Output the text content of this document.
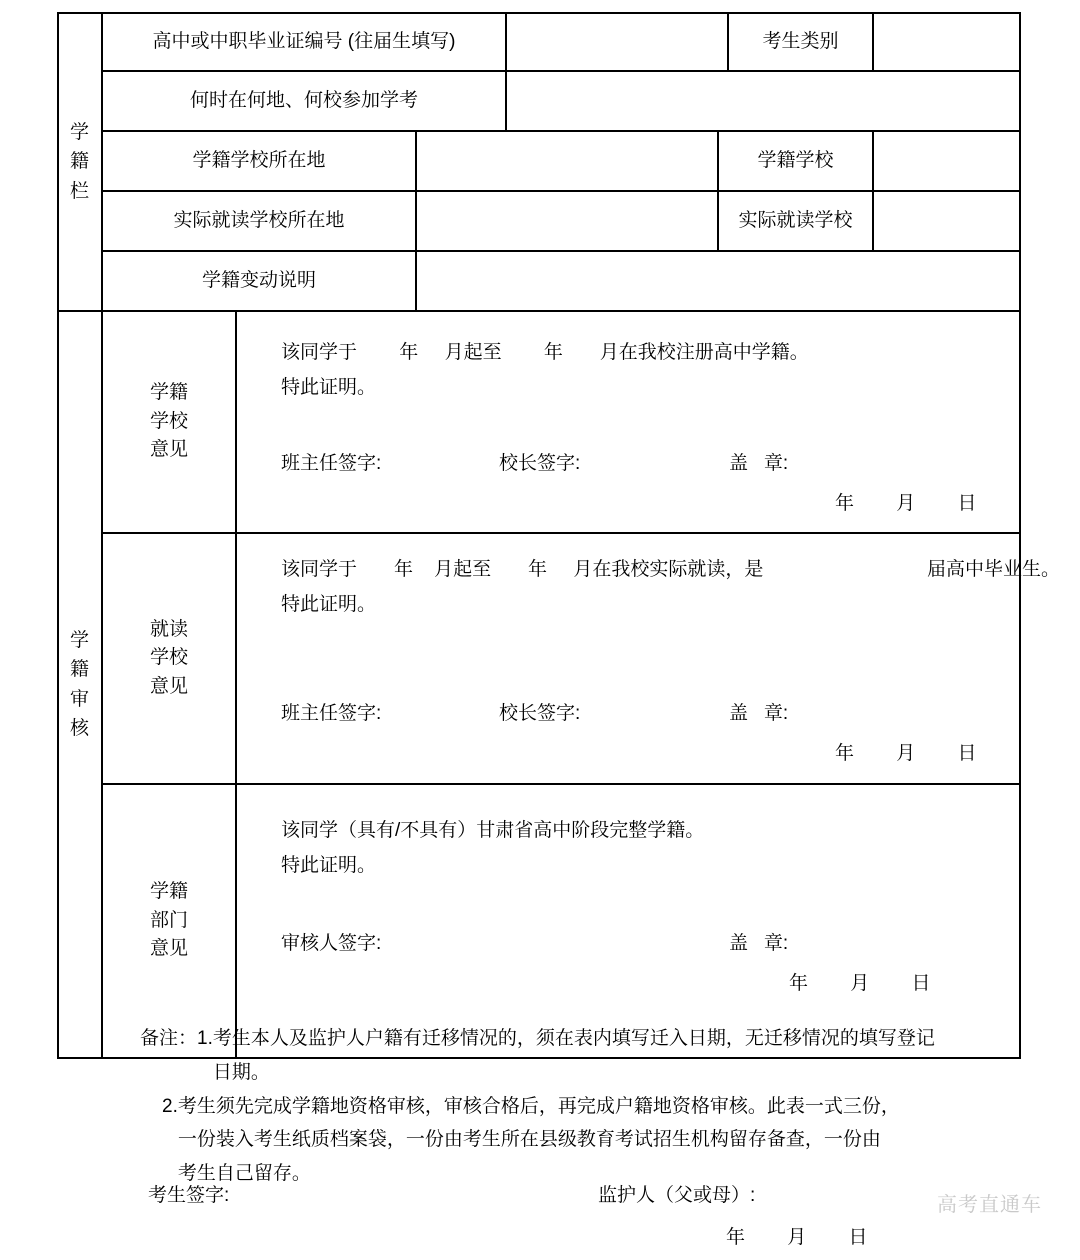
学
籍
栏	高中或中职毕业证编号 (往届生填写)					考生类别	
	何时在何地、何校参加学考						
	学籍学校所在地				学籍学校		
	实际就读学校所在地				实际就读学校		
	学籍变动说明						

学
籍
审
核

学籍
学校
意见

该同学于        年     月起至        年       月在我校注册高中学籍。
特此证明。
班主任签字:	校长签字:	盖   章:
年        月        日

就读
学校
意见

该同学于       年    月起至       年     月在我校实际就读，是	届高中毕业生。
特此证明。
班主任签字:	校长签字:	盖   章:
年        月        日

学籍
部门
意见

该同学（具有/不具有）甘肃省高中阶段完整学籍。
特此证明。
审核人签字:	盖   章:
年        月        日
备注： 1. 考生本人及监护人户籍有迁移情况的，须在表内填写迁入日期，无迁移情况的填写登记
日期。
2. 考生须先完成学籍地资格审核，审核合格后，再完成户籍地资格审核。此表一式三份，
一份装入考生纸质档案袋，一份由考生所在县级教育考试招生机构留存备查，一份由
考生自己留存。
考生签字:	监护人（父或母）:
年        月        日
高考直通车
